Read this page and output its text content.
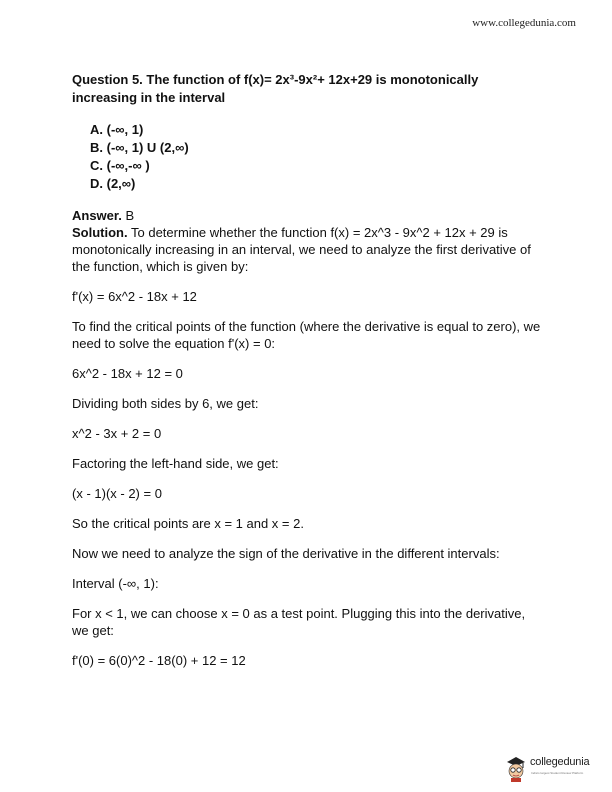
www.collegedunia.com

Question 5. The function of f(x)= 2x³-9x²+ 12x+29 is monotonically increasing in the interval

A. (-∞, 1)
B. (-∞, 1) U (2,∞)
C. (-∞,-∞ )
D. (2,∞)

Answer. B

Solution. To determine whether the function f(x) = 2x^3 - 9x^2 + 12x + 29 is monotonically increasing in an interval, we need to analyze the first derivative of the function, which is given by:

f'(x) = 6x^2 - 18x + 12

To find the critical points of the function (where the derivative is equal to zero), we need to solve the equation f'(x) = 0:

6x^2 - 18x + 12 = 0

Dividing both sides by 6, we get:

x^2 - 3x + 2 = 0

Factoring the left-hand side, we get:

(x - 1)(x - 2) = 0

So the critical points are x = 1 and x = 2.

Now we need to analyze the sign of the derivative in the different intervals:

Interval (-∞, 1):

For x < 1, we can choose x = 0 as a test point. Plugging this into the derivative, we get:

f'(0) = 6(0)^2 - 18(0) + 12 = 12

collegedunia
India's largest Student Review Platform
